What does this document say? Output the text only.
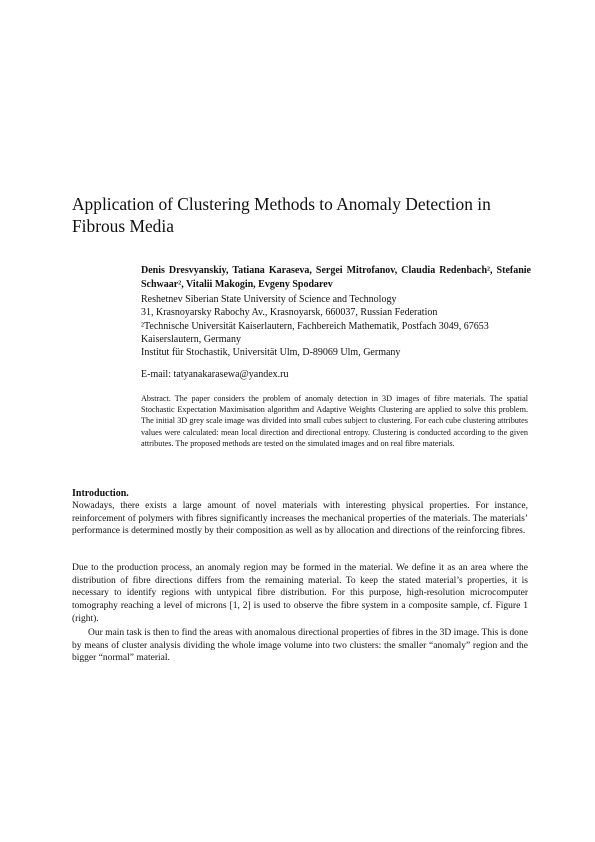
Application of Clustering Methods to Anomaly Detection in Fibrous Media
Denis Dresvyanskiy, Tatiana Karaseva, Sergei Mitrofanov, Claudia Redenbach², Stefanie Schwaar², Vitalii Makogin, Evgeny Spodarev
Reshetnev Siberian State University of Science and Technology
31, Krasnoyarsky Rabochy Av., Krasnoyarsk, 660037, Russian Federation
²Technische Universität Kaiserlautern, Fachbereich Mathematik, Postfach 3049, 67653 Kaiserslautern, Germany
Institut für Stochastik, Universität Ulm, D-89069 Ulm, Germany
E-mail: tatyanakarasewa@yandex.ru
Abstract. The paper considers the problem of anomaly detection in 3D images of fibre materials. The spatial Stochastic Expectation Maximisation algorithm and Adaptive Weights Clustering are applied to solve this problem. The initial 3D grey scale image was divided into small cubes subject to clustering. For each cube clustering attributes values were calculated: mean local direction and directional entropy. Clustering is conducted according to the given attributes. The proposed methods are tested on the simulated images and on real fibre materials.
Introduction.

Nowadays, there exists a large amount of novel materials with interesting physical properties. For instance, reinforcement of polymers with fibres significantly increases the mechanical properties of the materials. The materials’ performance is determined mostly by their composition as well as by allocation and directions of the reinforcing fibres.

Due to the production process, an anomaly region may be formed in the material. We define it as an area where the distribution of fibre directions differs from the remaining material. To keep the stated material’s properties, it is necessary to identify regions with untypical fibre distribution. For this purpose, high-resolution microcomputer tomography reaching a level of microns [1, 2] is used to observe the fibre system in a composite sample, cf. Figure 1 (right).

Our main task is then to find the areas with anomalous directional properties of fibres in the 3D image. This is done by means of cluster analysis dividing the whole image volume into two clusters: the smaller “anomaly” region and the bigger “normal” material.
